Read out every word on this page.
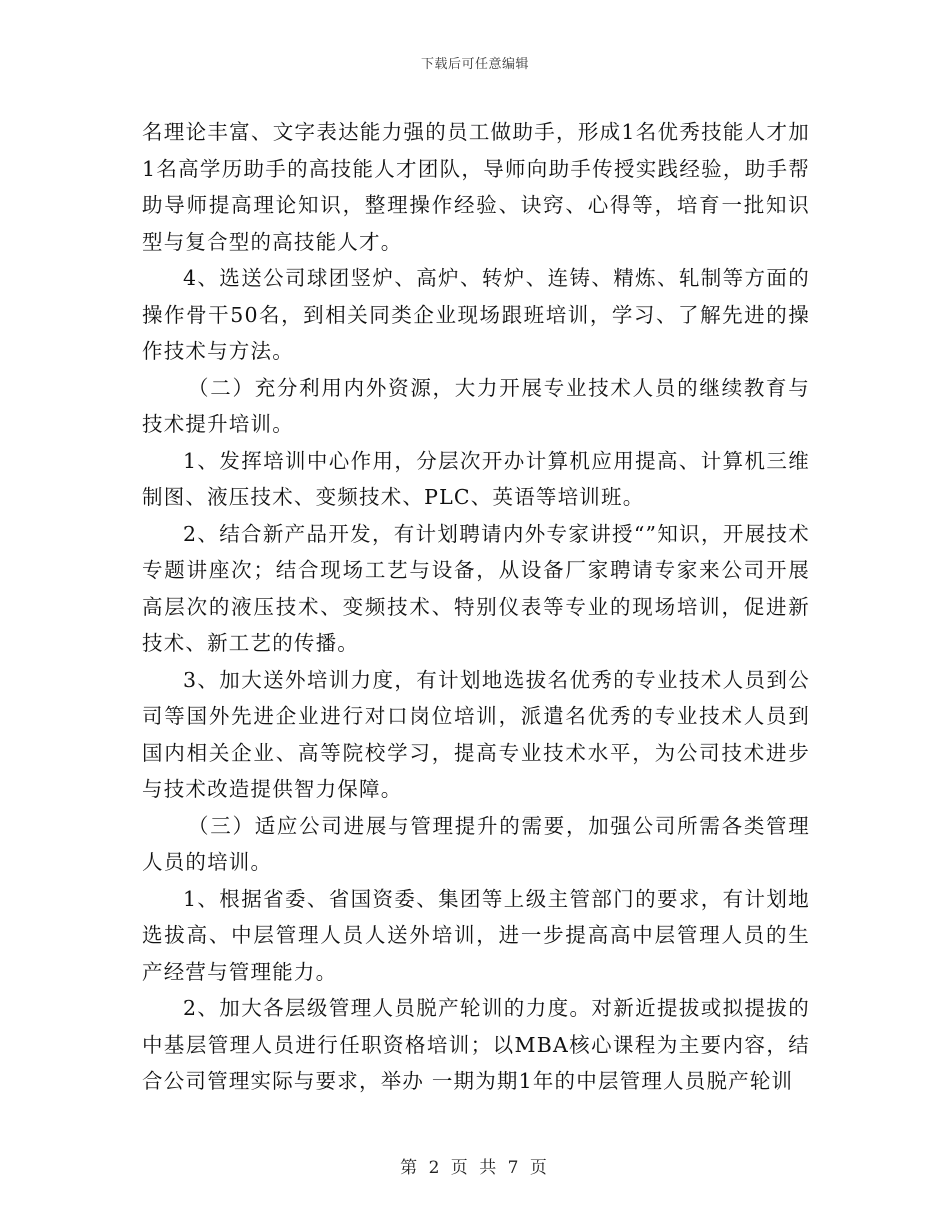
下载后可任意编辑

名理论丰富、文字表达能力强的员工做助手，形成1名优秀技能人才加1名高学历助手的高技能人才团队，导师向助手传授实践经验，助手帮助导师提高理论知识，整理操作经验、诀窍、心得等，培育一批知识型与复合型的高技能人才。

4、选送公司球团竖炉、高炉、转炉、连铸、精炼、轧制等方面的操作骨干50名，到相关同类企业现场跟班培训，学习、了解先进的操作技术与方法。

（二）充分利用内外资源，大力开展专业技术人员的继续教育与技术提升培训。

1、发挥培训中心作用，分层次开办计算机应用提高、计算机三维制图、液压技术、变频技术、PLC、英语等培训班。

2、结合新产品开发，有计划聘请内外专家讲授“”知识，开展技术专题讲座次；结合现场工艺与设备，从设备厂家聘请专家来公司开展高层次的液压技术、变频技术、特别仪表等专业的现场培训，促进新技术、新工艺的传播。

3、加大送外培训力度，有计划地选拔名优秀的专业技术人员到公司等国外先进企业进行对口岗位培训，派遣名优秀的专业技术人员到国内相关企业、高等院校学习，提高专业技术水平，为公司技术进步与技术改造提供智力保障。

（三）适应公司进展与管理提升的需要，加强公司所需各类管理人员的培训。

1、根据省委、省国资委、集团等上级主管部门的要求，有计划地选拔高、中层管理人员人送外培训，进一步提高高中层管理人员的生产经营与管理能力。

2、加大各层级管理人员脱产轮训的力度。对新近提拔或拟提拔的中基层管理人员进行任职资格培训；以MBA核心课程为主要内容，结合公司管理实际与要求，举办 一期为期1年的中层管理人员脱产轮训

第 2 页 共 7 页
